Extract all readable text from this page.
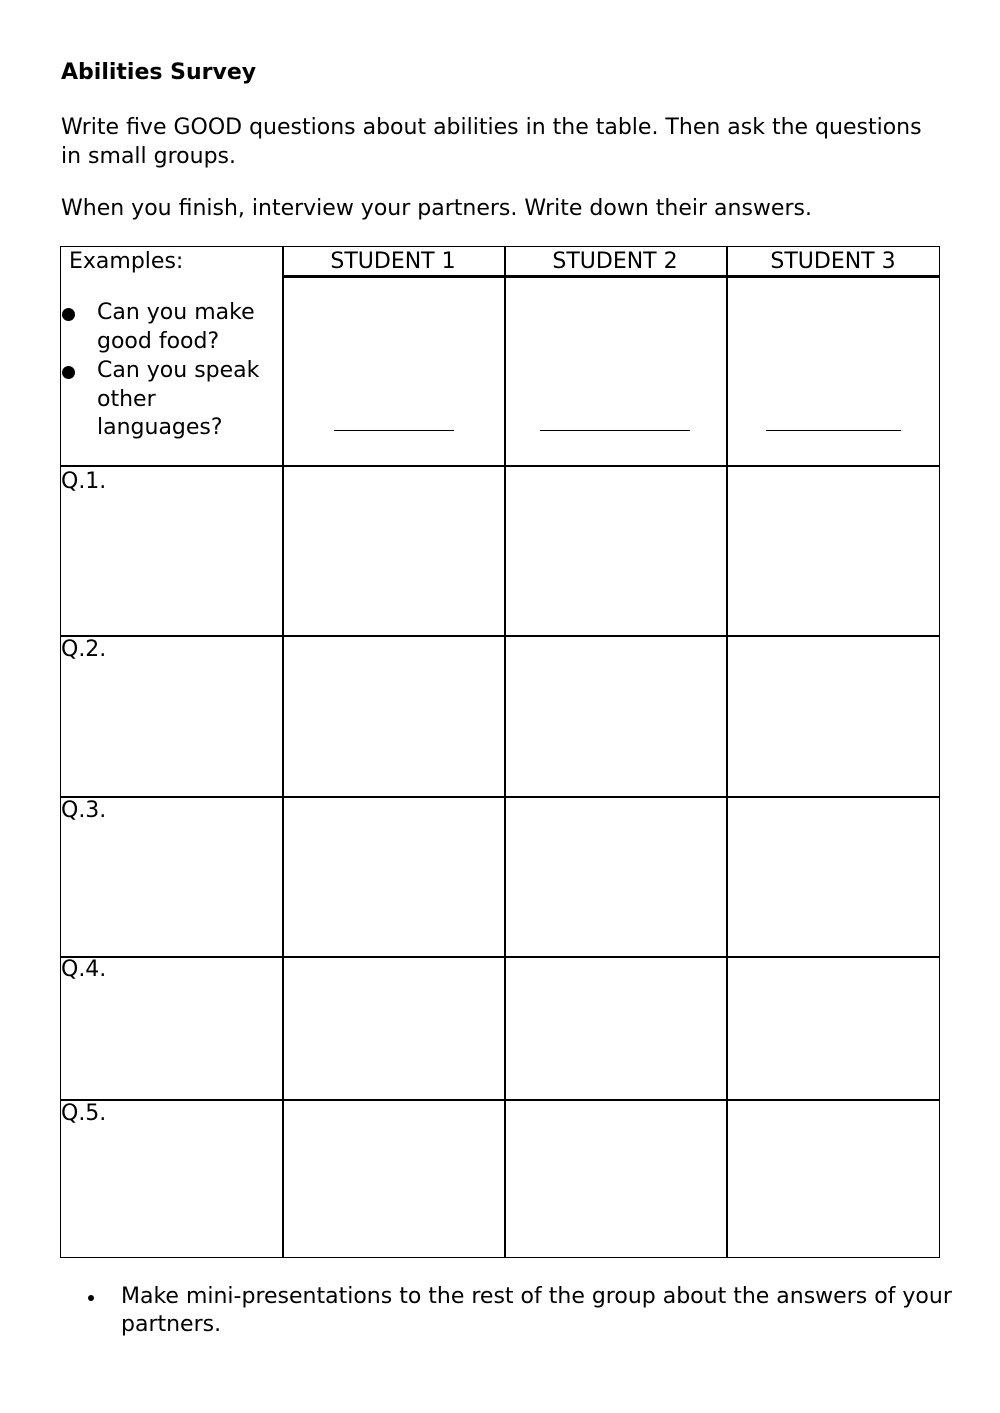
Abilities Survey

Write five GOOD questions about abilities in the table. Then ask the questions in small groups.

When you finish, interview your partners. Write down their answers.

STUDENT 1	STUDENT 2	STUDENT 3
Examples:
Can you make good food?
Can you speak other languages?
Q.1.
Q.2.
Q.3.
Q.4.
Q.5.
Make mini-presentations to the rest of the group about the answers of your partners.
